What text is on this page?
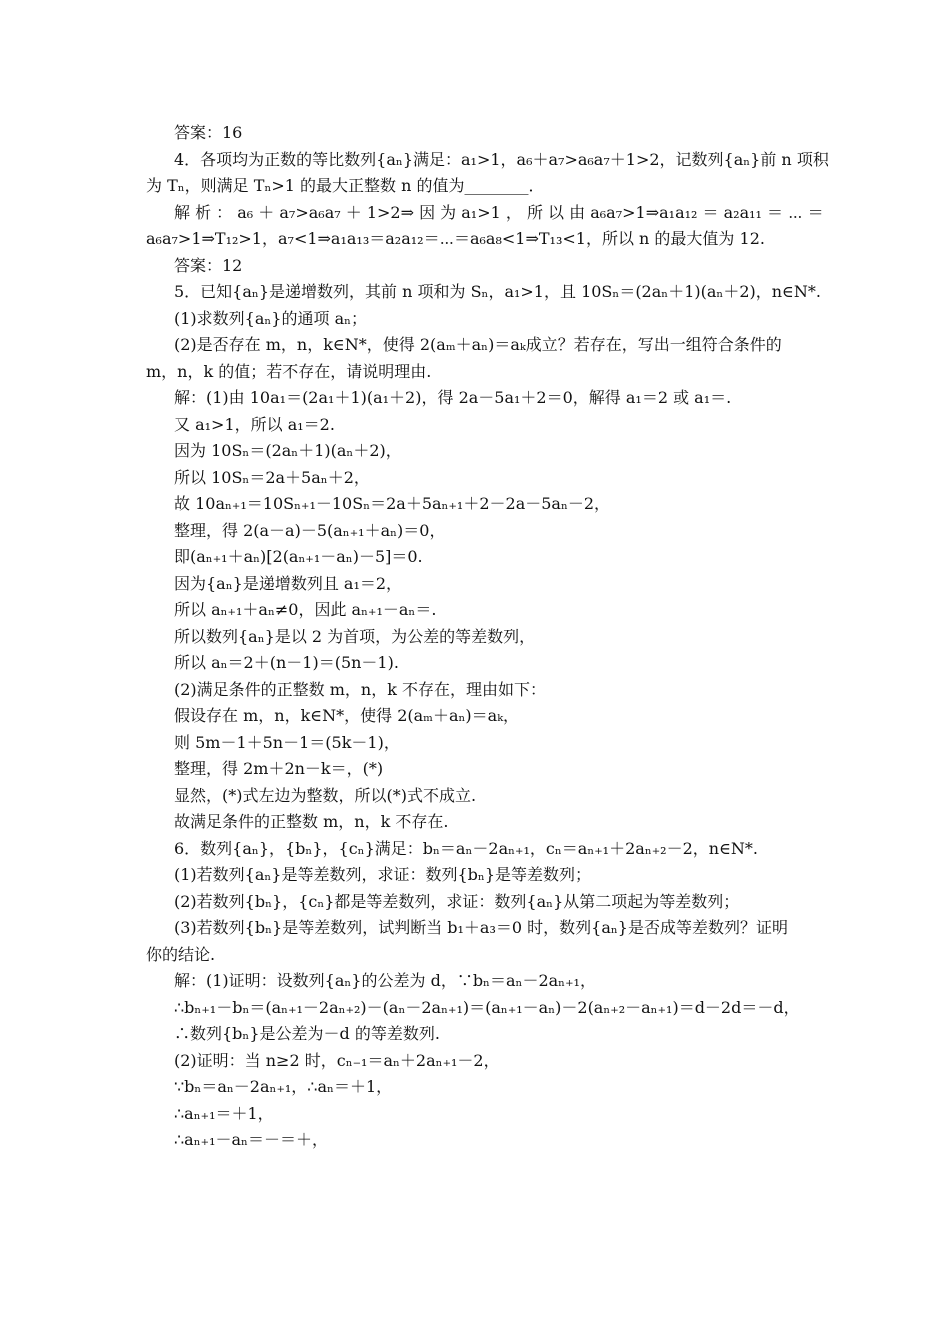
答案：16
4．各项均为正数的等比数列{aₙ}满足：a₁>1，a₆＋a₇>a₆a₇＋1>2，记数列{aₙ}前 n 项积
为 Tₙ，则满足 Tₙ>1 的最大正整数 n 的值为________．
解 析 ： a₆ ＋ a₇>a₆a₇ ＋ 1>2⇒ 因 为 a₁>1 ， 所 以 由 a₆a₇>1⇒a₁a₁₂ ＝ a₂a₁₁ ＝ ⋯ ＝
a₆a₇>1⇒T₁₂>1，a₇<1⇒a₁a₁₃＝a₂a₁₂＝⋯＝a₆a₈<1⇒T₁₃<1，所以 n 的最大值为 12.
答案：12
5．已知{aₙ}是递增数列，其前 n 项和为 Sₙ，a₁>1，且 10Sₙ＝(2aₙ＋1)(aₙ＋2)，n∈N*.
(1)求数列{aₙ}的通项 aₙ；
(2)是否存在 m，n，k∈N*，使得 2(aₘ＋aₙ)＝aₖ成立？若存在，写出一组符合条件的
m，n，k 的值；若不存在，请说明理由.
解：(1)由 10a₁＝(2a₁＋1)(a₁＋2)，得 2a－5a₁＋2＝0，解得 a₁＝2 或 a₁＝.
又 a₁>1，所以 a₁＝2.
因为 10Sₙ＝(2aₙ＋1)(aₙ＋2)，
所以 10Sₙ＝2a＋5aₙ＋2，
故 10aₙ₊₁＝10Sₙ₊₁－10Sₙ＝2a＋5aₙ₊₁＋2－2a－5aₙ－2，
整理，得 2(a－a)－5(aₙ₊₁＋aₙ)＝0，
即(aₙ₊₁＋aₙ)[2(aₙ₊₁－aₙ)－5]＝0.
因为{aₙ}是递增数列且 a₁＝2，
所以 aₙ₊₁＋aₙ≠0，因此 aₙ₊₁－aₙ＝.
所以数列{aₙ}是以 2 为首项，为公差的等差数列，
所以 aₙ＝2＋(n－1)＝(5n－1).
(2)满足条件的正整数 m，n，k 不存在，理由如下：
假设存在 m，n，k∈N*，使得 2(aₘ＋aₙ)＝aₖ，
则 5m－1＋5n－1＝(5k－1)，
整理，得 2m＋2n－k＝，(*)
显然，(*)式左边为整数，所以(*)式不成立.
故满足条件的正整数 m，n，k 不存在.
6．数列{aₙ}，{bₙ}，{cₙ}满足：bₙ＝aₙ－2aₙ₊₁，cₙ＝aₙ₊₁＋2aₙ₊₂－2，n∈N*.
(1)若数列{aₙ}是等差数列，求证：数列{bₙ}是等差数列；
(2)若数列{bₙ}，{cₙ}都是等差数列，求证：数列{aₙ}从第二项起为等差数列；
(3)若数列{bₙ}是等差数列，试判断当 b₁＋a₃＝0 时，数列{aₙ}是否成等差数列？证明
你的结论.
解：(1)证明：设数列{aₙ}的公差为 d，∵bₙ＝aₙ－2aₙ₊₁，
∴bₙ₊₁－bₙ＝(aₙ₊₁－2aₙ₊₂)－(aₙ－2aₙ₊₁)＝(aₙ₊₁－aₙ)－2(aₙ₊₂－aₙ₊₁)＝d－2d＝－d，
∴数列{bₙ}是公差为－d 的等差数列.
(2)证明：当 n≥2 时，cₙ₋₁＝aₙ＋2aₙ₊₁－2，
∵bₙ＝aₙ－2aₙ₊₁，∴aₙ＝＋1，
∴aₙ₊₁＝＋1，
∴aₙ₊₁－aₙ＝－＝＋，
